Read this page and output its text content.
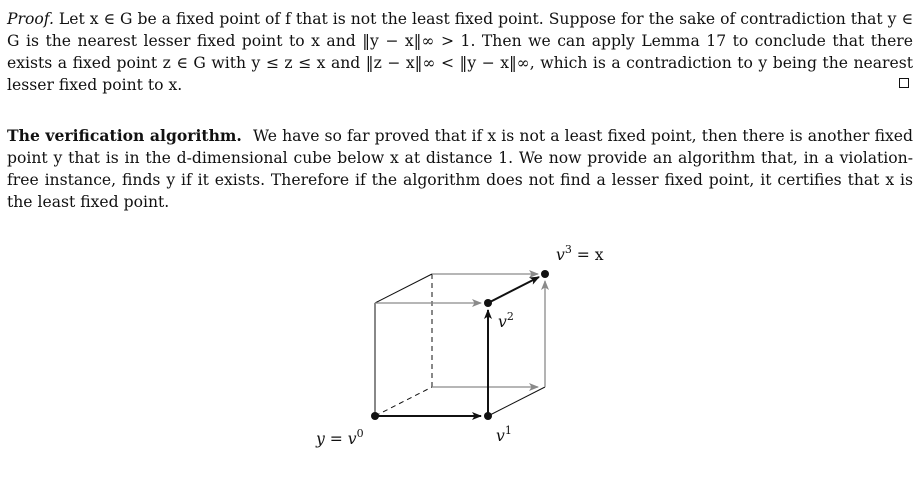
Proof. Let x ∈ G be a fixed point of f that is not the least fixed point. Suppose for the sake of contradiction that y ∈ G is the nearest lesser fixed point to x and ‖y − x‖∞ > 1. Then we can apply Lemma 17 to conclude that there exists a fixed point z ∈ G with y ≤ z ≤ x and ‖z − x‖∞ < ‖y − x‖∞, which is a contradiction to y being the nearest lesser fixed point to x.

The verification algorithm. We have so far proved that if x is not a least fixed point, then there is another fixed point y that is in the d-dimensional cube below x at distance 1. We now provide an algorithm that, in a violation-free instance, finds y if it exists. Therefore if the algorithm does not find a lesser fixed point, it certifies that x is the least fixed point.

$y = v^0$	$v^1$
$v^2$
$v^3 = x$
